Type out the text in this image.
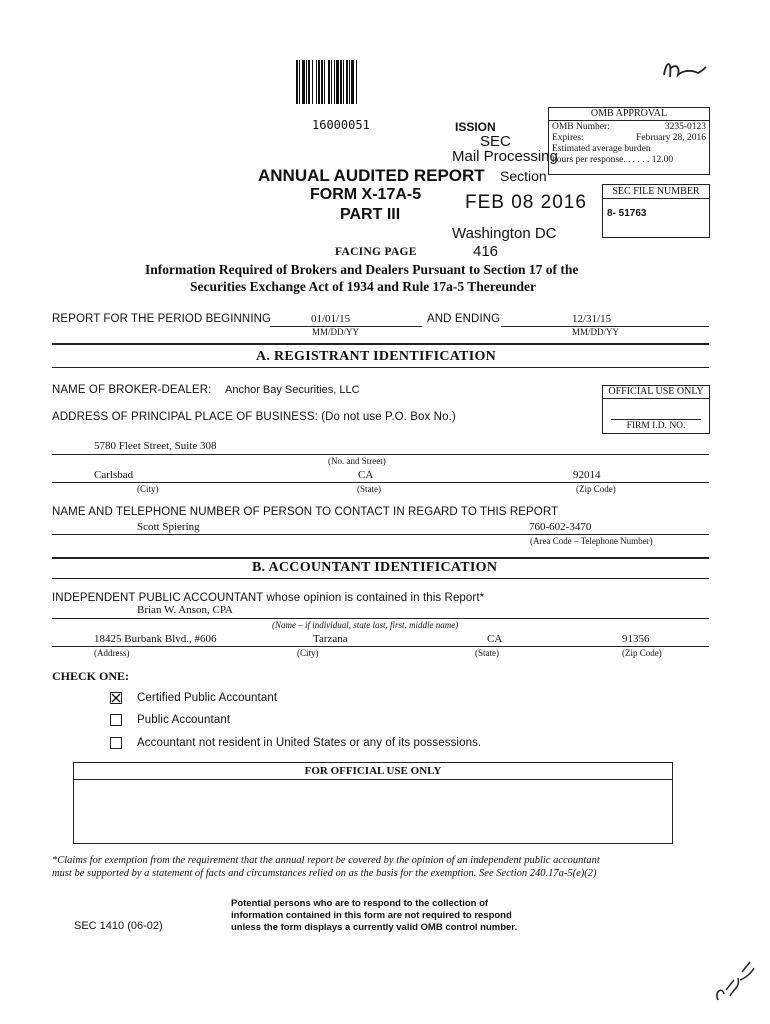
16000051	ISSION
SEC
Mail Processing
Section
FEB 08 2016
Washington DC
416
OMB APPROVAL
OMB Number:	3235-0123
Expires:	February 28, 2016
Estimated average burden
hours per response. . . . . . 12.00
ANNUAL AUDITED REPORT
FORM X-17A-5
PART III
SEC FILE NUMBER
8- 51763
FACING PAGE
Information Required of Brokers and Dealers Pursuant to Section 17 of the
Securities Exchange Act of 1934 and Rule 17a-5 Thereunder
REPORT FOR THE PERIOD BEGINNING	01/01/15
MM/DD/YY
AND ENDING	12/31/15
MM/DD/YY
A. REGISTRANT IDENTIFICATION
NAME OF BROKER-DEALER: Anchor Bay Securities, LLC	OFFICIAL USE ONLY
FIRM I.D. NO.
ADDRESS OF PRINCIPAL PLACE OF BUSINESS: (Do not use P.O. Box No.)
5780 Fleet Street, Suite 308
(No. and Street)
Carlsbad	CA	92014
(City)	(State)	(Zip Code)
NAME AND TELEPHONE NUMBER OF PERSON TO CONTACT IN REGARD TO THIS REPORT
Scott Spiering	760-602-3470
(Area Code – Telephone Number)
B. ACCOUNTANT IDENTIFICATION
INDEPENDENT PUBLIC ACCOUNTANT whose opinion is contained in this Report*
Brian W. Anson, CPA
(Name – if individual, state last, first, middle name)
18425 Burbank Blvd., #606	Tarzana	CA	91356
(Address)	(City)	(State)	(Zip Code)
CHECK ONE:
Certified Public Accountant
Public Accountant
Accountant not resident in United States or any of its possessions.
FOR OFFICIAL USE ONLY
*Claims for exemption from the requirement that the annual report be covered by the opinion of an independent public accountant
must be supported by a statement of facts and circumstances relied on as the basis for the exemption. See Section 240.17a-5(e)(2)
SEC 1410 (06-02)
Potential persons who are to respond to the collection of
information contained in this form are not required to respond
unless the form displays a currently valid OMB control number.
